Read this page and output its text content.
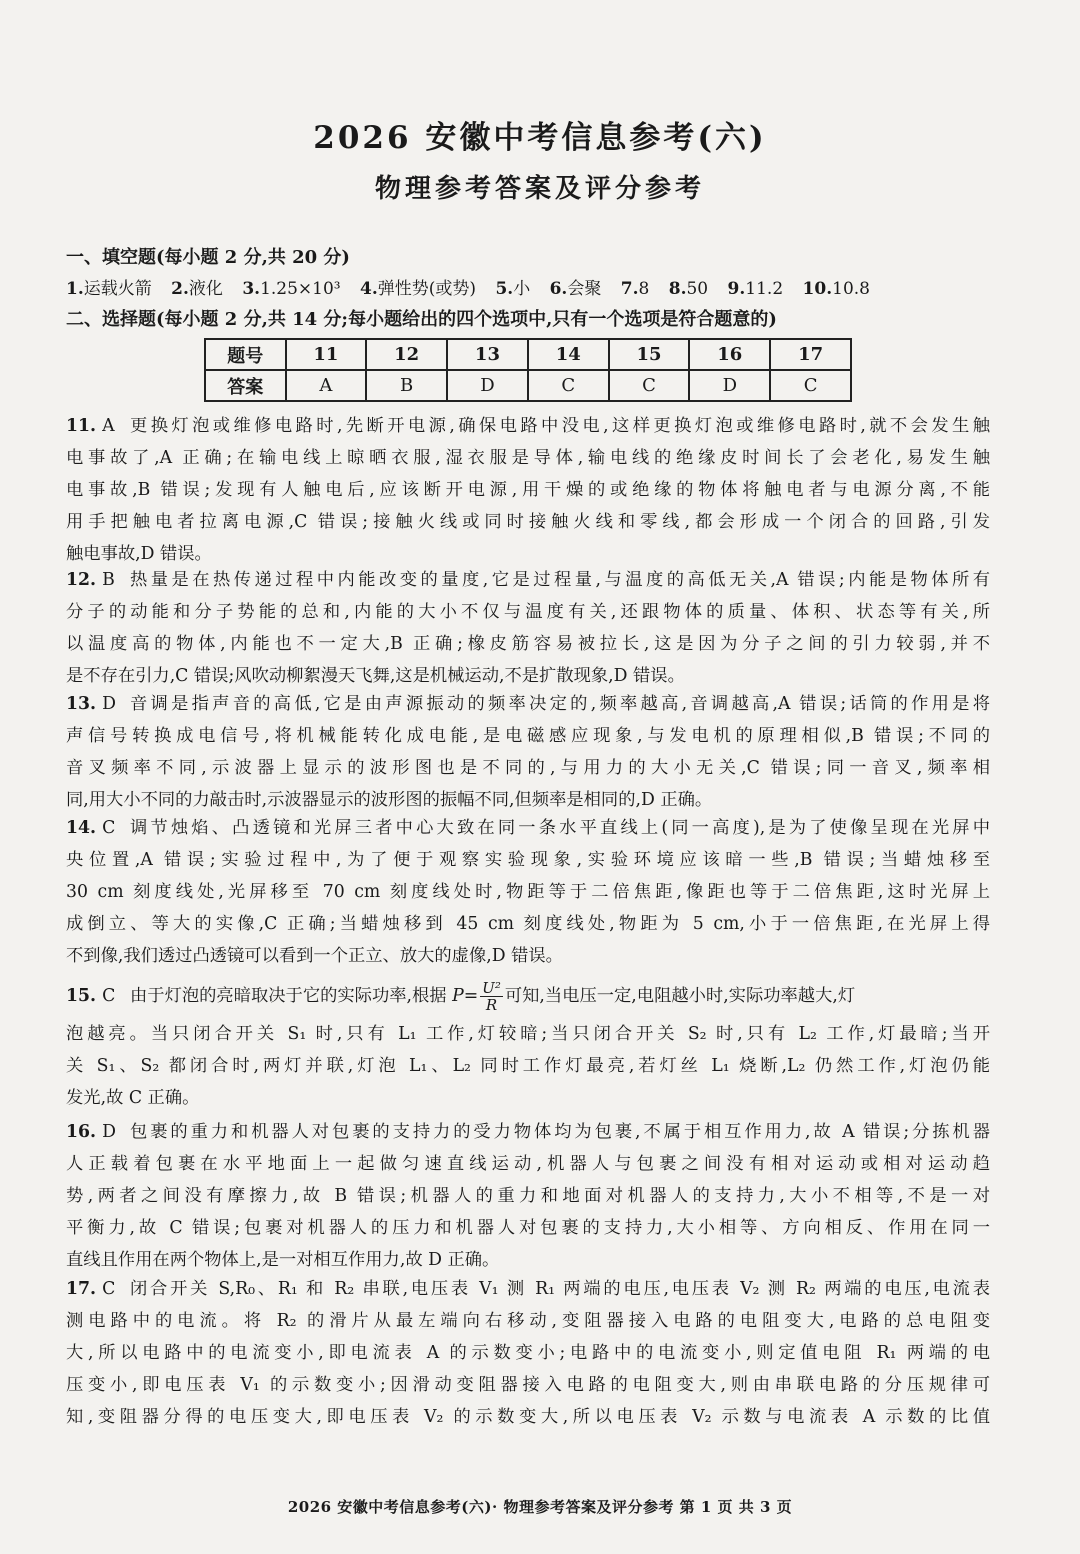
2026 安徽中考信息参考(六)
物理参考答案及评分参考
一、填空题(每小题 2 分,共 20 分)
1.运载火箭 2.液化 3.1.25×10³ 4.弹性势(或势) 5.小 6.会聚 7.8 8.50 9.11.2 10.10.8
二、选择题(每小题 2 分,共 14 分;每小题给出的四个选项中,只有一个选项是符合题意的)
题号	11	12	13	14	15	16	17
答案	A	B	D	C	C	D	C
11. A 更换灯泡或维修电路时,先断开电源,确保电路中没电,这样更换灯泡或维修电路时,就不会发生触
电事故了,A 正确;在输电线上晾晒衣服,湿衣服是导体,输电线的绝缘皮时间长了会老化,易发生触
电事故,B 错误;发现有人触电后,应该断开电源,用干燥的或绝缘的物体将触电者与电源分离,不能
用手把触电者拉离电源,C 错误;接触火线或同时接触火线和零线,都会形成一个闭合的回路,引发
触电事故,D 错误。
12. B 热量是在热传递过程中内能改变的量度,它是过程量,与温度的高低无关,A 错误;内能是物体所有
分子的动能和分子势能的总和,内能的大小不仅与温度有关,还跟物体的质量、体积、状态等有关,所
以温度高的物体,内能也不一定大,B 正确;橡皮筋容易被拉长,这是因为分子之间的引力较弱,并不
是不存在引力,C 错误;风吹动柳絮漫天飞舞,这是机械运动,不是扩散现象,D 错误。
13. D 音调是指声音的高低,它是由声源振动的频率决定的,频率越高,音调越高,A 错误;话筒的作用是将
声信号转换成电信号,将机械能转化成电能,是电磁感应现象,与发电机的原理相似,B 错误;不同的
音叉频率不同,示波器上显示的波形图也是不同的,与用力的大小无关,C 错误;同一音叉,频率相
同,用大小不同的力敲击时,示波器显示的波形图的振幅不同,但频率是相同的,D 正确。
14. C 调节烛焰、凸透镜和光屏三者中心大致在同一条水平直线上(同一高度),是为了使像呈现在光屏中
央位置,A 错误;实验过程中,为了便于观察实验现象,实验环境应该暗一些,B 错误;当蜡烛移至
30 cm 刻度线处,光屏移至 70 cm 刻度线处时,物距等于二倍焦距,像距也等于二倍焦距,这时光屏上
成倒立、等大的实像,C 正确;当蜡烛移到 45 cm 刻度线处,物距为 5 cm,小于一倍焦距,在光屏上得
不到像,我们透过凸透镜可以看到一个正立、放大的虚像,D 错误。
15. C 由于灯泡的亮暗取决于它的实际功率,根据 $P= \frac{\text{U²}}{R}$ 可知,当电压一定,电阻越小时,实际功率越大,灯
泡越亮。当只闭合开关 S₁ 时,只有 L₁ 工作,灯较暗;当只闭合开关 S₂ 时,只有 L₂ 工作,灯最暗;当开
关 S₁、S₂ 都闭合时,两灯并联,灯泡 L₁、L₂ 同时工作灯最亮,若灯丝 L₁ 烧断,L₂ 仍然工作,灯泡仍能
发光,故 C 正确。
16. D 包裹的重力和机器人对包裹的支持力的受力物体均为包裹,不属于相互作用力,故 A 错误;分拣机器
人正载着包裹在水平地面上一起做匀速直线运动,机器人与包裹之间没有相对运动或相对运动趋
势,两者之间没有摩擦力,故 B 错误;机器人的重力和地面对机器人的支持力,大小不相等,不是一对
平衡力,故 C 错误;包裹对机器人的压力和机器人对包裹的支持力,大小相等、方向相反、作用在同一
直线且作用在两个物体上,是一对相互作用力,故 D 正确。
17. C 闭合开关 S,R₀、R₁ 和 R₂ 串联,电压表 V₁ 测 R₁ 两端的电压,电压表 V₂ 测 R₂ 两端的电压,电流表
测电路中的电流。将 R₂ 的滑片从最左端向右移动,变阻器接入电路的电阻变大,电路的总电阻变
大,所以电路中的电流变小,即电流表 A 的示数变小;电路中的电流变小,则定值电阻 R₁ 两端的电
压变小,即电压表 V₁ 的示数变小;因滑动变阻器接入电路的电阻变大,则由串联电路的分压规律可
知,变阻器分得的电压变大,即电压表 V₂ 的示数变大,所以电压表 V₂ 示数与电流表 A 示数的比值
2026 安徽中考信息参考(六)· 物理参考答案及评分参考 第 1 页 共 3 页
